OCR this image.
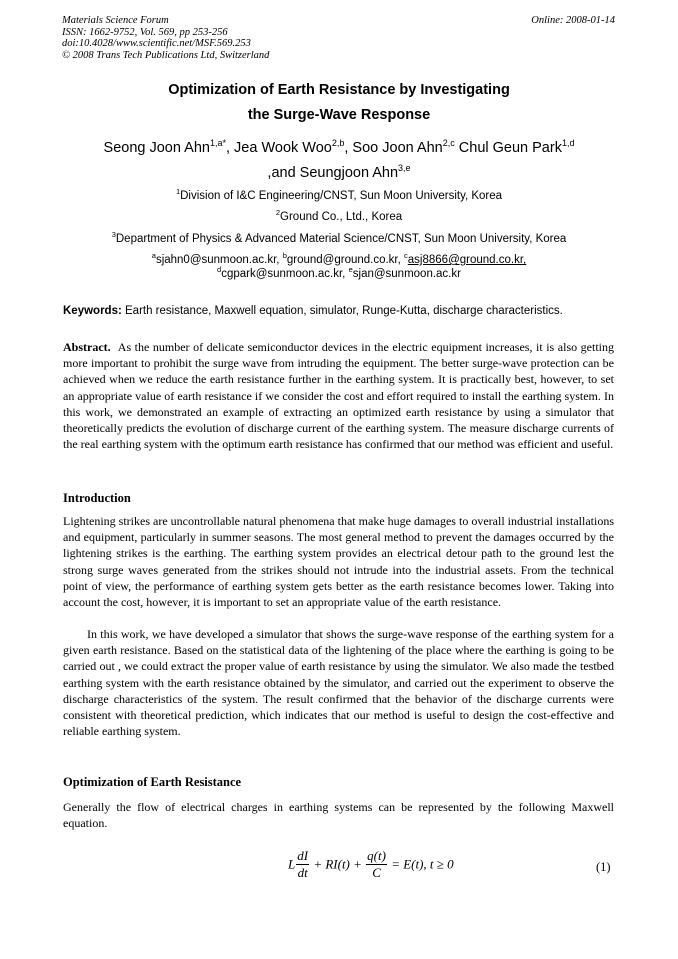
Materials Science Forum
ISSN: 1662-9752, Vol. 569, pp 253-256
doi:10.4028/www.scientific.net/MSF.569.253
© 2008 Trans Tech Publications Ltd, Switzerland
Online: 2008-01-14
Optimization of Earth Resistance by Investigating
the Surge-Wave Response
Seong Joon Ahn$^{1,a*}$, Jea Wook Woo$^{2,b}$, Soo Joon Ahn$^{2,c}$ Chul Geun Park$^{1,d}$
,and Seungjoon Ahn$^{3,e}$
$^1$Division of I&C Engineering/CNST, Sun Moon University, Korea
$^2$Ground Co., Ltd., Korea
$^3$Department of Physics & Advanced Material Science/CNST, Sun Moon University, Korea
$^a$sjahn0@sunmoon.ac.kr, $^b$ground@ground.co.kr, $^c$asj8866@ground.co.kr,
$^d$cgpark@sunmoon.ac.kr, $^e$sjan@sunmoon.ac.kr
Keywords: Earth resistance, Maxwell equation, simulator, Runge-Kutta, discharge characteristics.
Abstract. As the number of delicate semiconductor devices in the electric equipment increases, it is also getting more important to prohibit the surge wave from intruding the equipment. The better surge-wave protection can be achieved when we reduce the earth resistance further in the earthing system. It is practically best, however, to set an appropriate value of earth resistance if we consider the cost and effort required to install the earthing system. In this work, we demonstrated an example of extracting an optimized earth resistance by using a simulator that theoretically predicts the evolution of discharge current of the earthing system. The measure discharge currents of the real earthing system with the optimum earth resistance has confirmed that our method was efficient and useful.
Introduction
Lightening strikes are uncontrollable natural phenomena that make huge damages to overall industrial installations and equipment, particularly in summer seasons. The most general method to prevent the damages occurred by the lightening strikes is the earthing. The earthing system provides an electrical detour path to the ground lest the strong surge waves generated from the strikes should not intrude into the industrial assets. From the technical point of view, the performance of earthing system gets better as the earth resistance becomes lower. Taking into account the cost, however, it is important to set an appropriate value of the earth resistance.
In this work, we have developed a simulator that shows the surge-wave response of the earthing system for a given earth resistance. Based on the statistical data of the lightening of the place where the earthing is going to be carried out , we could extract the proper value of earth resistance by using the simulator. We also made the testbed earthing system with the earth resistance obtained by the simulator, and carried out the experiment to observe the discharge characteristics of the system. The result confirmed that the behavior of the discharge currents were consistent with theoretical prediction, which indicates that our method is useful to design the cost-effective and reliable earthing system.
Optimization of Earth Resistance
Generally the flow of electrical charges in earthing systems can be represented by the following Maxwell equation.
L $\frac{dI}{dt} + RI(t) + \frac{q(t)}{C} = E(t)$, t ≥ 0	(1)
